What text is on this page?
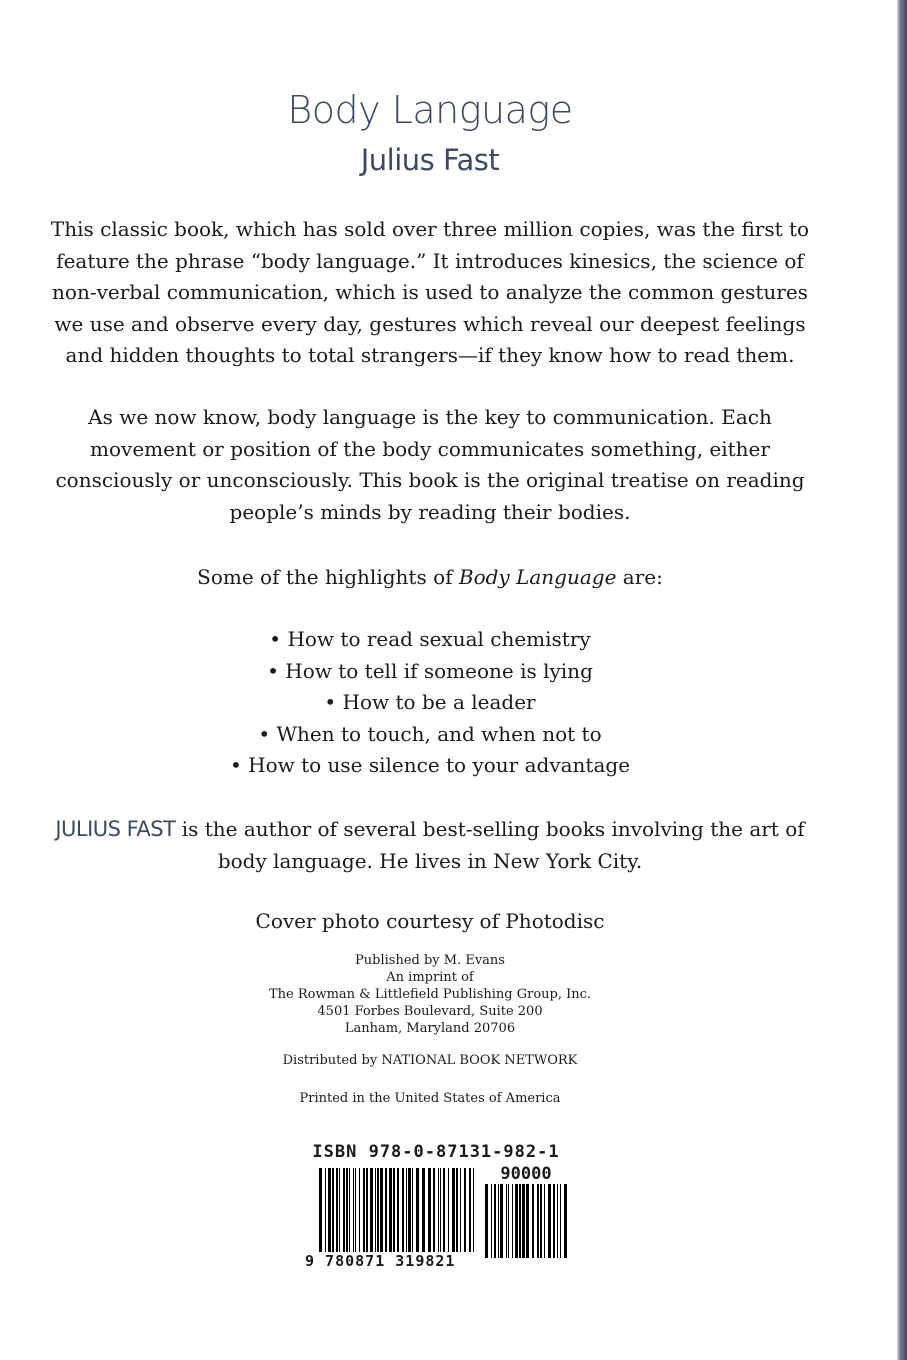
Body Language
Julius Fast

This classic book, which has sold over three million copies, was the first to feature the phrase “body language.” It introduces kinesics, the science of non-verbal communication, which is used to analyze the common gestures we use and observe every day, gestures which reveal our deepest feelings and hidden thoughts to total strangers—if they know how to read them.

As we now know, body language is the key to communication. Each movement or position of the body communicates something, either consciously or unconsciously. This book is the original treatise on reading people’s minds by reading their bodies.

Some of the highlights of Body Language are:

• How to read sexual chemistry
• How to tell if someone is lying
• How to be a leader
• When to touch, and when not to
• How to use silence to your advantage

JULIUS FAST is the author of several best-selling books involving the art of body language. He lives in New York City.

Cover photo courtesy of Photodisc
Published by M. Evans
An imprint of
The Rowman & Littlefield Publishing Group, Inc.
4501 Forbes Boulevard, Suite 200
Lanham, Maryland 20706
Distributed by NATIONAL BOOK NETWORK
Printed in the United States of America
ISBN 978-0-87131-982-1
90000
9 780871 319821
